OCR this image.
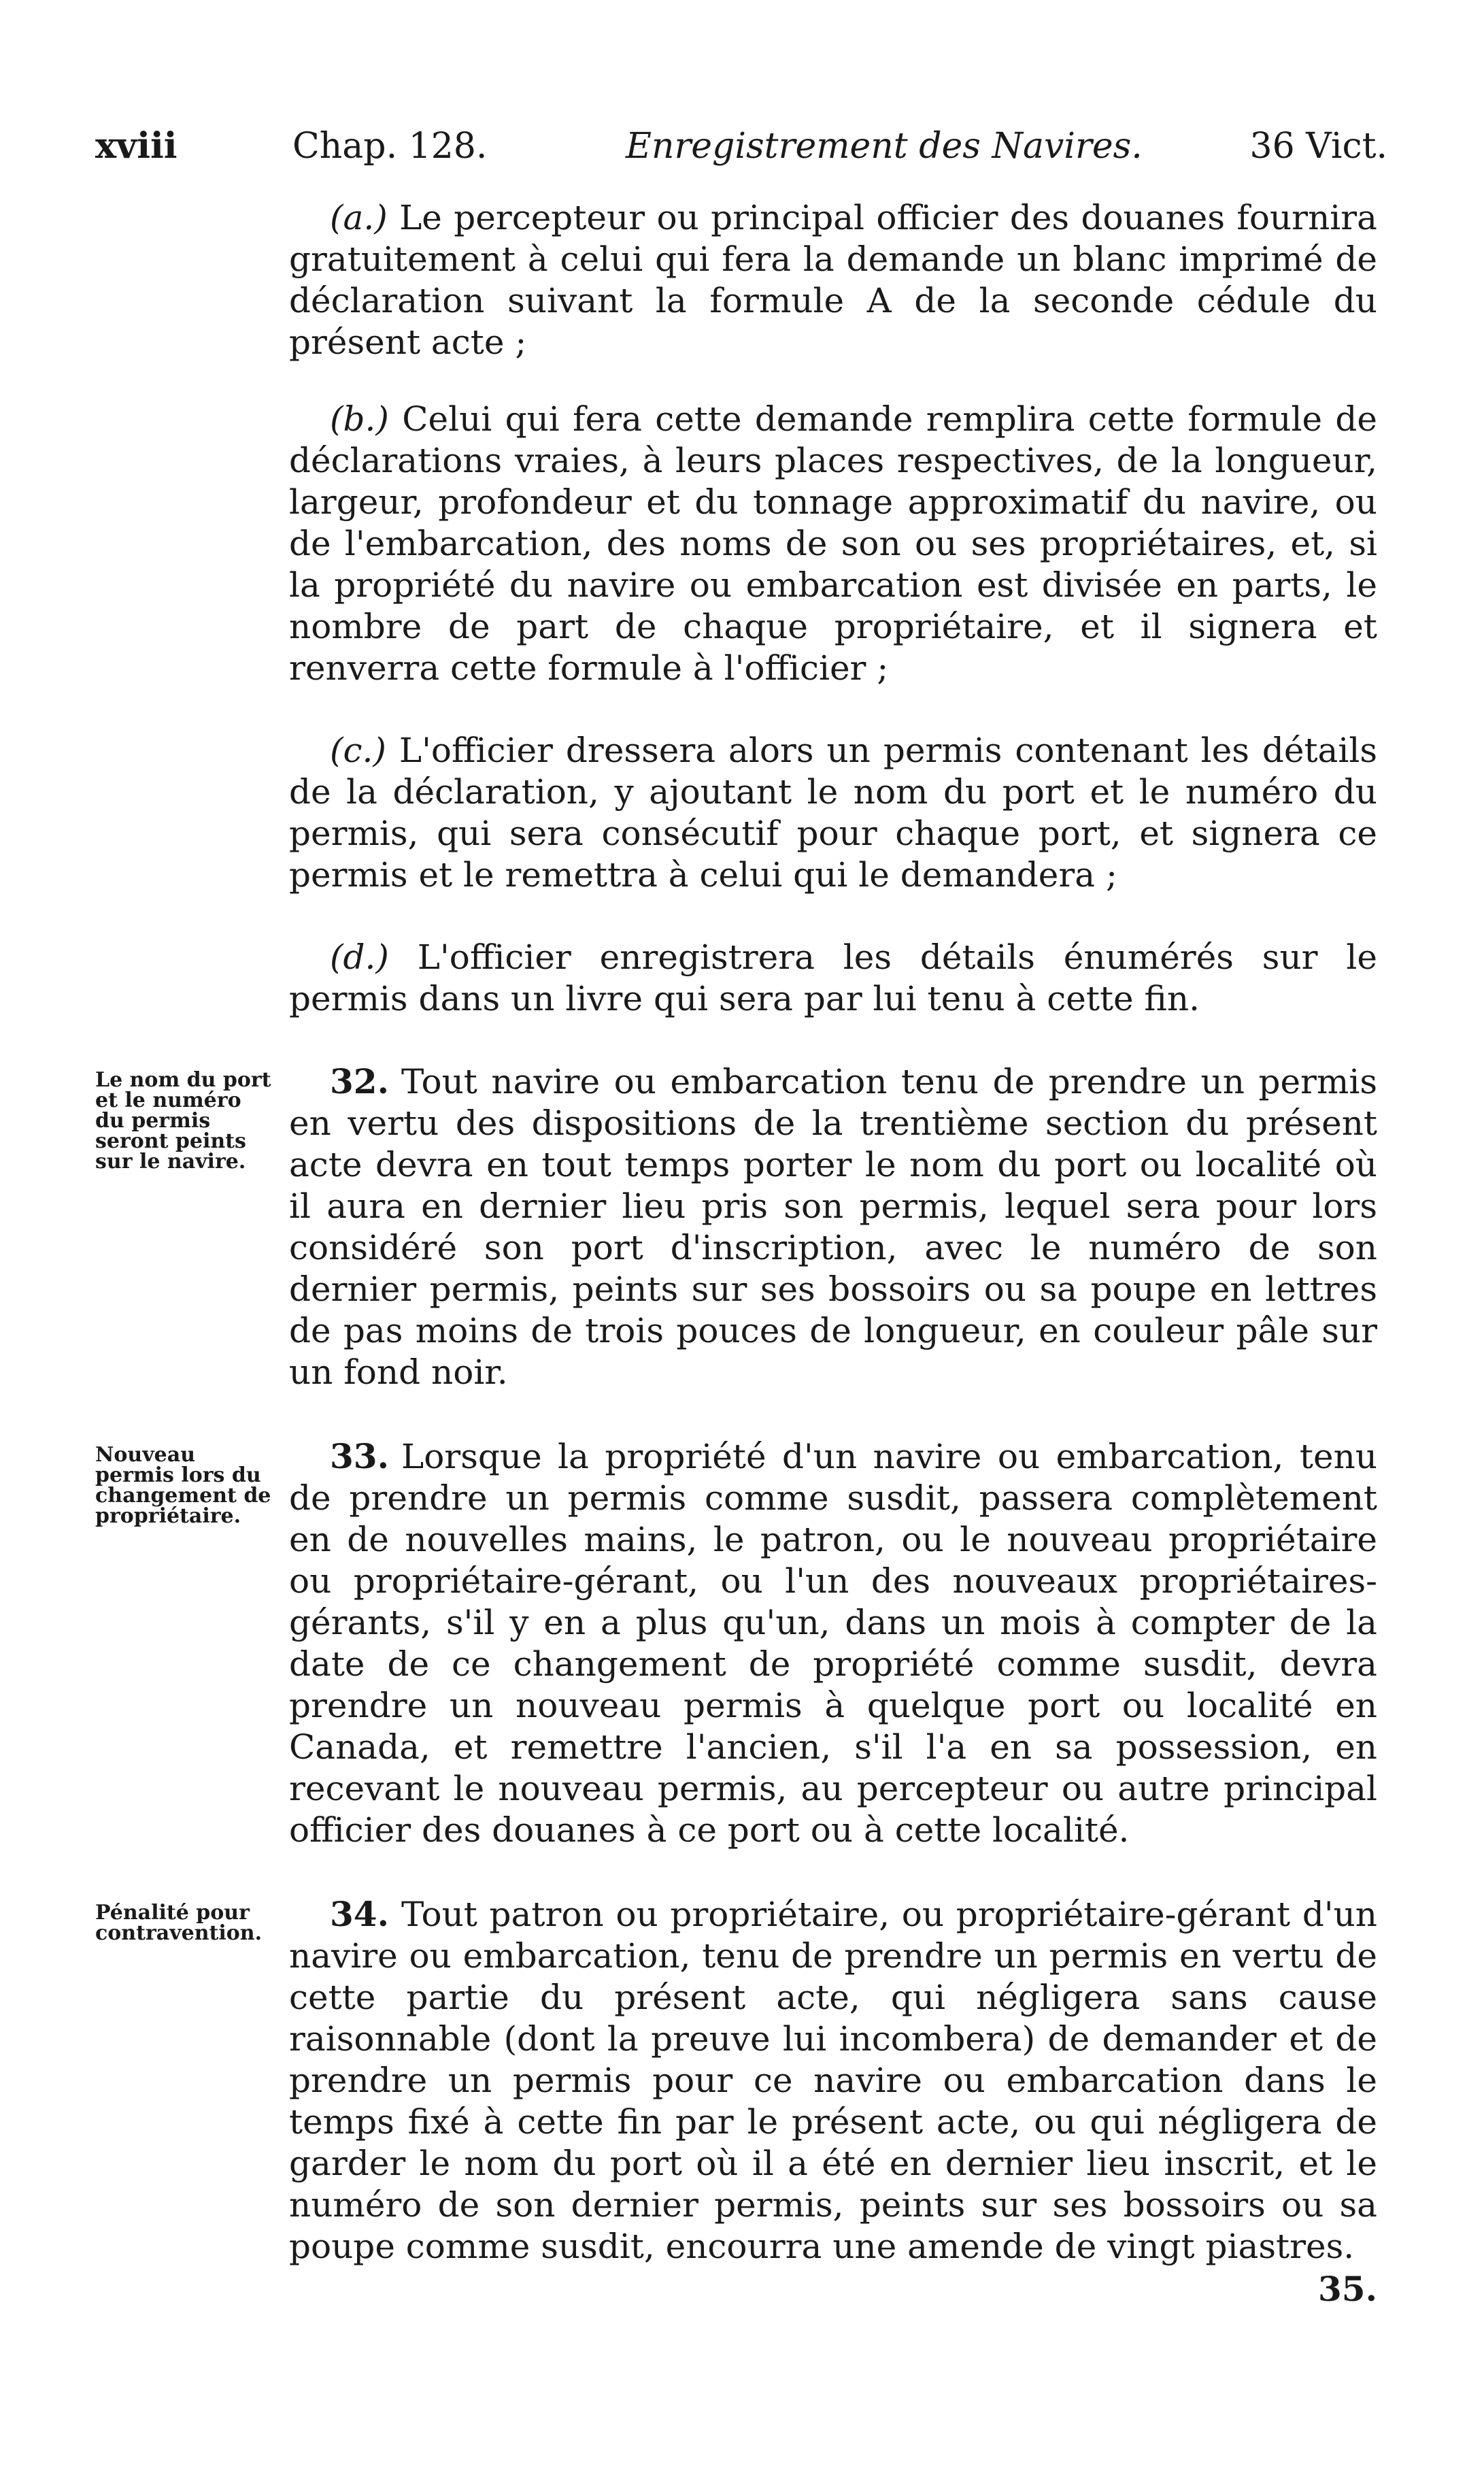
xviii	Chap. 128.	Enregistrement des Navires.	36 Vict.

(a.) Le percepteur ou principal officier des douanes fournira gratuitement à celui qui fera la demande un blanc imprimé de déclaration suivant la formule A de la seconde cédule du présent acte ;

(b.) Celui qui fera cette demande remplira cette formule de déclarations vraies, à leurs places respectives, de la longueur, largeur, profondeur et du tonnage approximatif du navire, ou de l'embarcation, des noms de son ou ses propriétaires, et, si la propriété du navire ou embarcation est divisée en parts, le nombre de part de chaque propriétaire, et il signera et renverra cette formule à l'officier ;

(c.) L'officier dressera alors un permis contenant les détails de la déclaration, y ajoutant le nom du port et le numéro du permis, qui sera consécutif pour chaque port, et signera ce permis et le remettra à celui qui le demandera ;

(d.) L'officier enregistrera les détails énumérés sur le permis dans un livre qui sera par lui tenu à cette fin.

32. Tout navire ou embarcation tenu de prendre un permis en vertu des dispositions de la trentième section du présent acte devra en tout temps porter le nom du port ou localité où il aura en dernier lieu pris son permis, lequel sera pour lors considéré son port d'inscription, avec le numéro de son dernier permis, peints sur ses bossoirs ou sa poupe en lettres de pas moins de trois pouces de longueur, en couleur pâle sur un fond noir.

33. Lorsque la propriété d'un navire ou embarcation, tenu de prendre un permis comme susdit, passera complètement en de nouvelles mains, le patron, ou le nouveau propriétaire ou propriétaire-gérant, ou l'un des nouveaux propriétaires-gérants, s'il y en a plus qu'un, dans un mois à compter de la date de ce changement de propriété comme susdit, devra prendre un nouveau permis à quelque port ou localité en Canada, et remettre l'ancien, s'il l'a en sa possession, en recevant le nouveau permis, au percepteur ou autre principal officier des douanes à ce port ou à cette localité.

34. Tout patron ou propriétaire, ou propriétaire-gérant d'un navire ou embarcation, tenu de prendre un permis en vertu de cette partie du présent acte, qui négligera sans cause raisonnable (dont la preuve lui incombera) de demander et de prendre un permis pour ce navire ou embarcation dans le temps fixé à cette fin par le présent acte, ou qui négligera de garder le nom du port où il a été en dernier lieu inscrit, et le numéro de son dernier permis, peints sur ses bossoirs ou sa poupe comme susdit, encourra une amende de vingt piastres.

35.
Le nom du port et le numéro du permis seront peints sur le navire.
Nouveau permis lors du changement de propriétaire.
Pénalité pour contravention.
